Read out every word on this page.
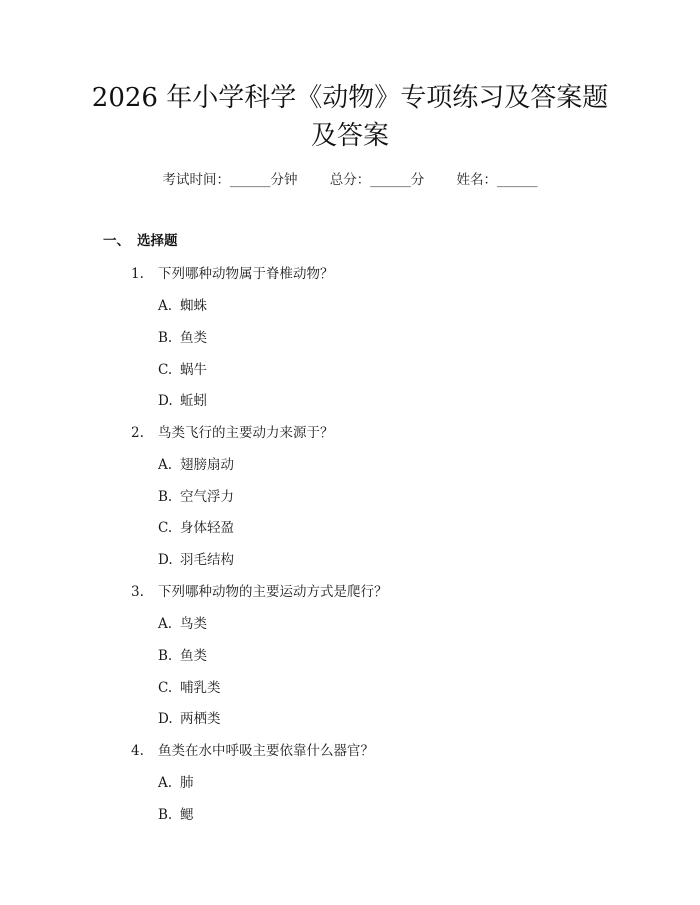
2026 年小学科学《动物》专项练习及答案题
及答案
考试时间：______分钟 总分：______分 姓名：______
一、 选择题
1. 下列哪种动物属于脊椎动物？
A. 蜘蛛
B. 鱼类
C. 蜗牛
D. 蚯蚓
2. 鸟类飞行的主要动力来源于？
A. 翅膀扇动
B. 空气浮力
C. 身体轻盈
D. 羽毛结构
3. 下列哪种动物的主要运动方式是爬行？
A. 鸟类
B. 鱼类
C. 哺乳类
D. 两栖类
4. 鱼类在水中呼吸主要依靠什么器官？
A. 肺
B. 鳃
